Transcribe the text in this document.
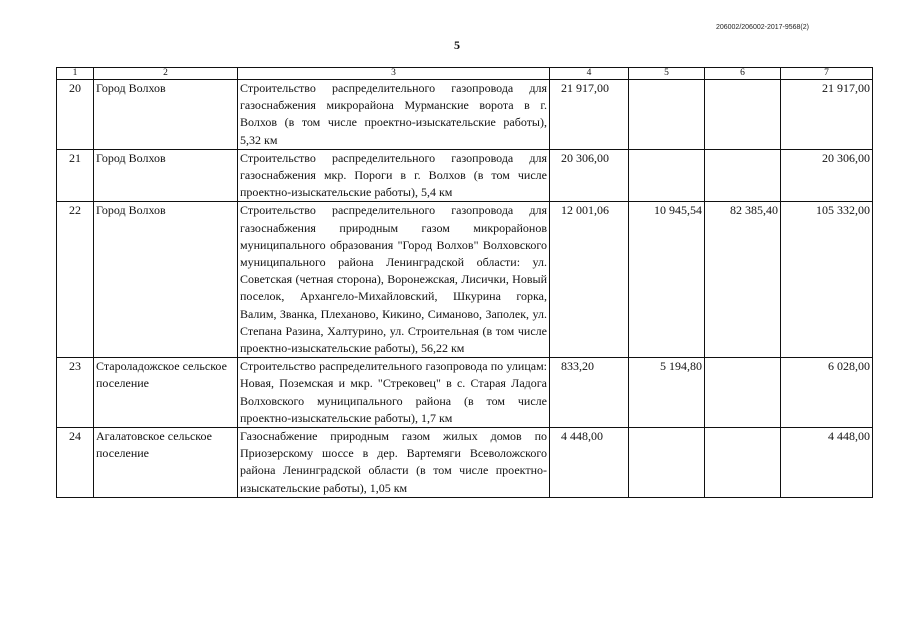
206002/206002-2017-9568(2)
5
1	2	3	4	5	6	7
20	Город Волхов	Строительство распределительного газопровода для газоснабжения микрорайона Мурманские ворота в г. Волхов (в том числе проектно-изыскательские работы), 5,32 км	21 917,00			21 917,00
21	Город Волхов	Строительство распределительного газопровода для газоснабжения мкр. Пороги в г. Волхов (в том числе проектно-изыскательские работы), 5,4 км	20 306,00			20 306,00
22	Город Волхов	Строительство распределительного газопровода для газоснабжения природным газом микрорайонов муниципального образования "Город Волхов" Волховского муниципального района Ленинградской области: ул. Советская (четная сторона), Воронежская, Лисички, Новый поселок, Архангело-Михайловский, Шкурина горка, Валим, Званка, Плеханово, Кикино, Симаново, Заполек, ул. Степана Разина, Халтурино, ул. Строительная (в том числе проектно-изыскательские работы), 56,22 км	12 001,06	10 945,54	82 385,40	105 332,00
23	Староладожское сельское поселение	Строительство распределительного газопровода по улицам: Новая, Поземская и мкр. "Стрековец" в с. Старая Ладога Волховского муниципального района (в том числе проектно-изыскательские работы), 1,7 км	833,20	5 194,80		6 028,00
24	Агалатовское сельское поселение	Газоснабжение природным газом жилых домов по Приозерскому шоссе в дер. Вартемяги Всеволожского района Ленинградской области (в том числе проектно-изыскательские работы), 1,05 км	4 448,00			4 448,00
